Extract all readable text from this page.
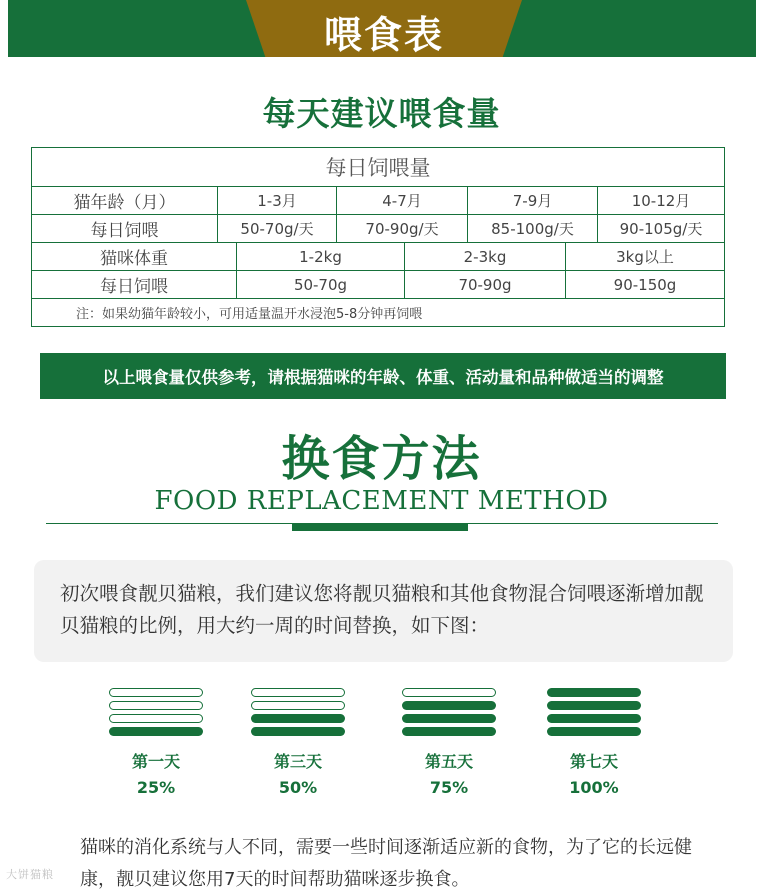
喂食表
每天建议喂食量
每日饲喂量
猫年龄（月）	1-3月	4-7月	7-9月	10-12月
每日饲喂	50-70g/天	70-90g/天	85-100g/天	90-105g/天
猫咪体重	1-2kg	2-3kg	3kg以上
每日饲喂	50-70g	70-90g	90-150g
注：如果幼猫年龄较小，可用适量温开水浸泡5-8分钟再饲喂
以上喂食量仅供参考，请根据猫咪的年龄、体重、活动量和品种做适当的调整
换食方法
FOOD REPLACEMENT METHOD
初次喂食靓贝猫粮，我们建议您将靓贝猫粮和其他食物混合饲喂逐渐增加靓贝猫粮的比例，用大约一周的时间替换，如下图：
第一天
25%
第三天
50%
第五天
75%
第七天
100%
猫咪的消化系统与人不同，需要一些时间逐渐适应新的食物，为了它的长远健康，靓贝建议您用7天的时间帮助猫咪逐步换食。
大饼猫粮
